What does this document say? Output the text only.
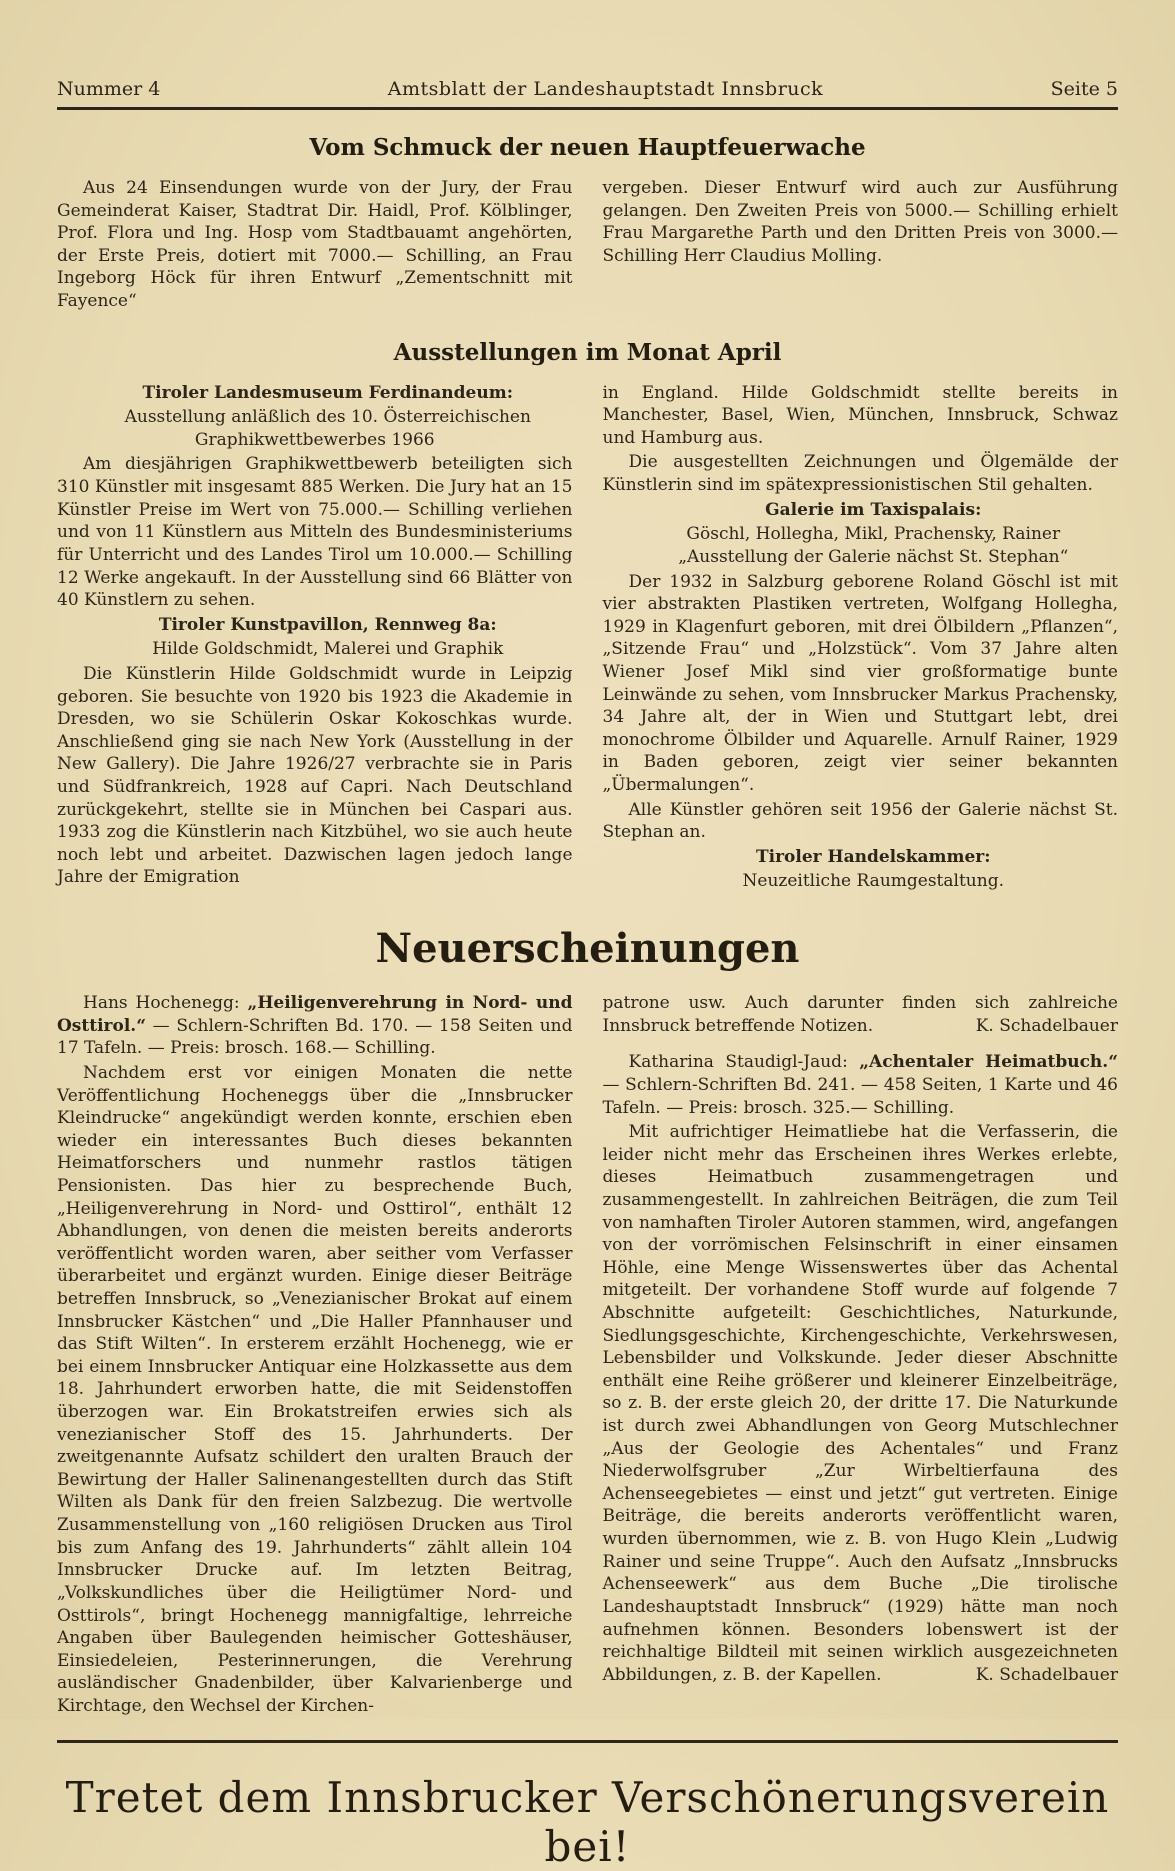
Nummer 4	Amtsblatt der Landeshauptstadt Innsbruck	Seite 5
Vom Schmuck der neuen Hauptfeuerwache

Aus 24 Einsendungen wurde von der Jury, der Frau Gemeinderat Kaiser, Stadtrat Dir. Haidl, Prof. Kölblinger, Prof. Flora und Ing. Hosp vom Stadtbauamt angehörten, der Erste Preis, dotiert mit 7000.— Schilling, an Frau Ingeborg Höck für ihren Entwurf „Zementschnitt mit Fayence“

vergeben. Dieser Entwurf wird auch zur Ausführung gelangen. Den Zweiten Preis von 5000.— Schilling erhielt Frau Margarethe Parth und den Dritten Preis von 3000.— Schilling Herr Claudius Molling.

Ausstellungen im Monat April

Tiroler Landesmuseum Ferdinandeum:

Ausstellung anläßlich des 10. Österreichischen Graphikwettbewerbes 1966

Am diesjährigen Graphikwettbewerb beteiligten sich 310 Künstler mit insgesamt 885 Werken. Die Jury hat an 15 Künstler Preise im Wert von 75.000.— Schilling verliehen und von 11 Künstlern aus Mitteln des Bundesministeriums für Unterricht und des Landes Tirol um 10.000.— Schilling 12 Werke angekauft. In der Ausstellung sind 66 Blätter von 40 Künstlern zu sehen.

Tiroler Kunstpavillon, Rennweg 8a:

Hilde Goldschmidt, Malerei und Graphik

Die Künstlerin Hilde Goldschmidt wurde in Leipzig geboren. Sie besuchte von 1920 bis 1923 die Akademie in Dresden, wo sie Schülerin Oskar Kokoschkas wurde. Anschließend ging sie nach New York (Ausstellung in der New Gallery). Die Jahre 1926/27 verbrachte sie in Paris und Südfrankreich, 1928 auf Capri. Nach Deutschland zurückgekehrt, stellte sie in München bei Caspari aus. 1933 zog die Künstlerin nach Kitzbühel, wo sie auch heute noch lebt und arbeitet. Dazwischen lagen jedoch lange Jahre der Emigration

in England. Hilde Goldschmidt stellte bereits in Manchester, Basel, Wien, München, Innsbruck, Schwaz und Hamburg aus.

Die ausgestellten Zeichnungen und Ölgemälde der Künstlerin sind im spätexpressionistischen Stil gehalten.

Galerie im Taxispalais:

Göschl, Hollegha, Mikl, Prachensky, Rainer

„Ausstellung der Galerie nächst St. Stephan“

Der 1932 in Salzburg geborene Roland Göschl ist mit vier abstrakten Plastiken vertreten, Wolfgang Hollegha, 1929 in Klagenfurt geboren, mit drei Ölbildern „Pflanzen“, „Sitzende Frau“ und „Holzstück“. Vom 37 Jahre alten Wiener Josef Mikl sind vier großformatige bunte Leinwände zu sehen, vom Innsbrucker Markus Prachensky, 34 Jahre alt, der in Wien und Stuttgart lebt, drei monochrome Ölbilder und Aquarelle. Arnulf Rainer, 1929 in Baden geboren, zeigt vier seiner bekannten „Übermalungen“.

Alle Künstler gehören seit 1956 der Galerie nächst St. Stephan an.

Tiroler Handelskammer:

Neuzeitliche Raumgestaltung.

Neuerscheinungen

Hans Hochenegg: „Heiligenverehrung in Nord- und Osttirol.“ — Schlern-Schriften Bd. 170. — 158 Seiten und 17 Tafeln. — Preis: brosch. 168.— Schilling.

Nachdem erst vor einigen Monaten die nette Veröffentlichung Hocheneggs über die „Innsbrucker Kleindrucke“ angekündigt werden konnte, erschien eben wieder ein interessantes Buch dieses bekannten Heimatforschers und nunmehr rastlos tätigen Pensionisten. Das hier zu besprechende Buch, „Heiligenverehrung in Nord- und Osttirol“, enthält 12 Abhandlungen, von denen die meisten bereits anderorts veröffentlicht worden waren, aber seither vom Verfasser überarbeitet und ergänzt wurden. Einige dieser Beiträge betreffen Innsbruck, so „Venezianischer Brokat auf einem Innsbrucker Kästchen“ und „Die Haller Pfannhauser und das Stift Wilten“. In ersterem erzählt Hochenegg, wie er bei einem Innsbrucker Antiquar eine Holzkassette aus dem 18. Jahrhundert erworben hatte, die mit Seidenstoffen überzogen war. Ein Brokatstreifen erwies sich als venezianischer Stoff des 15. Jahrhunderts. Der zweitgenannte Aufsatz schildert den uralten Brauch der Bewirtung der Haller Salinenangestellten durch das Stift Wilten als Dank für den freien Salzbezug. Die wertvolle Zusammenstellung von „160 religiösen Drucken aus Tirol bis zum Anfang des 19. Jahrhunderts“ zählt allein 104 Innsbrucker Drucke auf. Im letzten Beitrag, „Volkskundliches über die Heiligtümer Nord- und Osttirols“, bringt Hochenegg mannigfaltige, lehrreiche Angaben über Baulegenden heimischer Gotteshäuser, Einsiedeleien, Pesterinnerungen, die Verehrung ausländischer Gnadenbilder, über Kalvarienberge und Kirchtage, den Wechsel der Kirchen-

patrone usw. Auch darunter finden sich zahlreiche Innsbruck betreffende Notizen.	K. Schadelbauer

Katharina Staudigl-Jaud: „Achentaler Heimatbuch.“ — Schlern-Schriften Bd. 241. — 458 Seiten, 1 Karte und 46 Tafeln. — Preis: brosch. 325.— Schilling.

Mit aufrichtiger Heimatliebe hat die Verfasserin, die leider nicht mehr das Erscheinen ihres Werkes erlebte, dieses Heimatbuch zusammengetragen und zusammengestellt. In zahlreichen Beiträgen, die zum Teil von namhaften Tiroler Autoren stammen, wird, angefangen von der vorrömischen Felsinschrift in einer einsamen Höhle, eine Menge Wissenswertes über das Achental mitgeteilt. Der vorhandene Stoff wurde auf folgende 7 Abschnitte aufgeteilt: Geschichtliches, Naturkunde, Siedlungsgeschichte, Kirchengeschichte, Verkehrswesen, Lebensbilder und Volkskunde. Jeder dieser Abschnitte enthält eine Reihe größerer und kleinerer Einzelbeiträge, so z. B. der erste gleich 20, der dritte 17. Die Naturkunde ist durch zwei Abhandlungen von Georg Mutschlechner „Aus der Geologie des Achentales“ und Franz Niederwolfsgruber „Zur Wirbeltierfauna des Achenseegebietes — einst und jetzt“ gut vertreten. Einige Beiträge, die bereits anderorts veröffentlicht waren, wurden übernommen, wie z. B. von Hugo Klein „Ludwig Rainer und seine Truppe“. Auch den Aufsatz „Innsbrucks Achenseewerk“ aus dem Buche „Die tirolische Landeshauptstadt Innsbruck“ (1929) hätte man noch aufnehmen können. Besonders lobenswert ist der reichhaltige Bildteil mit seinen wirklich ausgezeichneten Abbildungen, z. B. der Kapellen.	K. Schadelbauer

Tretet dem Innsbrucker Verschönerungsverein bei!
